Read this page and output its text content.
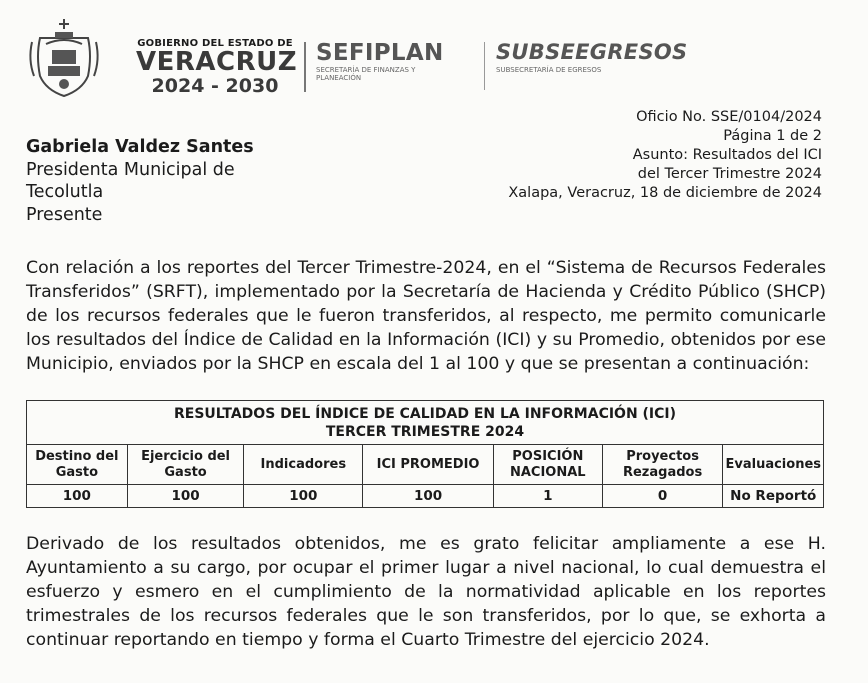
GOBIERNO DEL ESTADO DE
VERACRUZ
2024 - 2030
SEFIPLAN
SECRETARÍA DE FINANZAS Y PLANEACIÓN
SUBSEEGRESOS
SUBSECRETARÍA DE EGRESOS
Oficio No. SSE/0104/2024
Página 1 de 2
Asunto: Resultados del ICI
del Tercer Trimestre 2024
Xalapa, Veracruz, 18 de diciembre de 2024
Gabriela Valdez Santes
Presidenta Municipal de
Tecolutla
Presente
Con relación a los reportes del Tercer Trimestre-2024, en el “Sistema de Recursos Federales Transferidos” (SRFT), implementado por la Secretaría de Hacienda y Crédito Público (SHCP) de los recursos federales que le fueron transferidos, al respecto, me permito comunicarle los resultados del Índice de Calidad en la Información (ICI) y su Promedio, obtenidos por ese Municipio, enviados por la SHCP en escala del 1 al 100 y que se presentan a continuación:
RESULTADOS DEL ÍNDICE DE CALIDAD EN LA INFORMACIÓN (ICI)
TERCER TRIMESTRE 2024						

Destino del Gasto	Ejercicio del Gasto	Indicadores	ICI PROMEDIO	POSICIÓN NACIONAL	Proyectos Rezagados	Evaluaciones
100	100	100	100	1	0	No Reportó
Derivado de los resultados obtenidos, me es grato felicitar ampliamente a ese H. Ayuntamiento a su cargo, por ocupar el primer lugar a nivel nacional, lo cual demuestra el esfuerzo y esmero en el cumplimiento de la normatividad aplicable en los reportes trimestrales de los recursos federales que le son transferidos, por lo que, se exhorta a continuar reportando en tiempo y forma el Cuarto Trimestre del ejercicio 2024.
